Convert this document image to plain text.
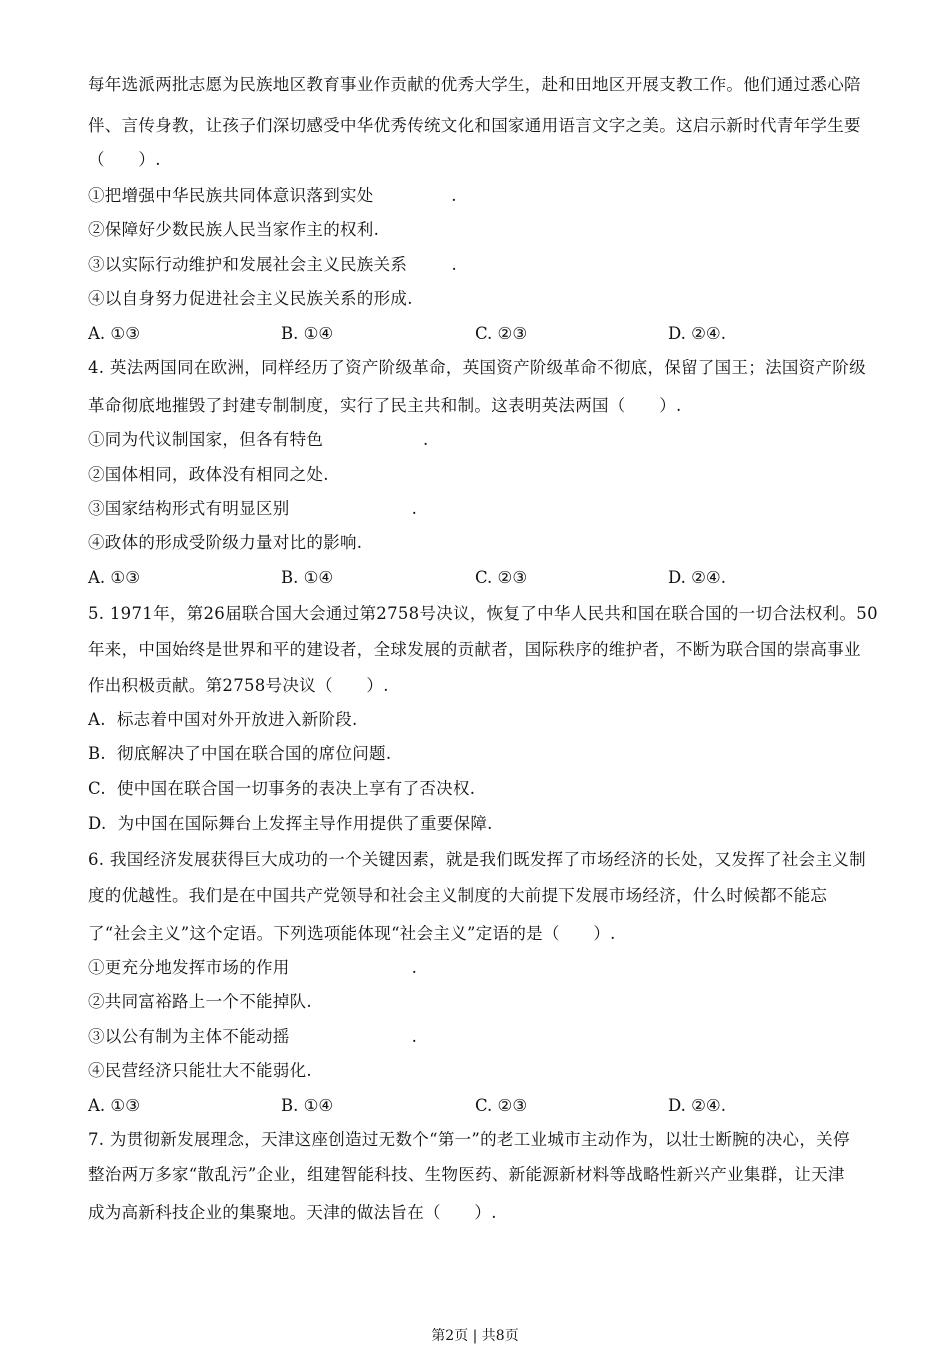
每年选派两批志愿为民族地区教育事业作贡献的优秀大学生，赴和田地区开展支教工作。他们通过悉心陪
伴、言传身教，让孩子们深切感受中华优秀传统文化和国家通用语言文字之美。这启示新时代青年学生要
（　　）.
①把增强中华民族共同体意识落到实处              .
②保障好少数民族人民当家作主的权利.
③以实际行动维护和发展社会主义民族关系        .
④以自身努力促进社会主义民族关系的形成.
A. ①③	B. ①④	C. ②③	D. ②④.
4. 英法两国同在欧洲，同样经历了资产阶级革命，英国资产阶级革命不彻底，保留了国王；法国资产阶级
革命彻底地摧毁了封建专制制度，实行了民主共和制。这表明英法两国（　　）.
①同为代议制国家，但各有特色                  .
②国体相同，政体没有相同之处.
③国家结构形式有明显区别                      .
④政体的形成受阶级力量对比的影响.
A. ①③	B. ①④	C. ②③	D. ②④.
5. 1971年，第26届联合国大会通过第2758号决议，恢复了中华人民共和国在联合国的一切合法权利。50
年来，中国始终是世界和平的建设者，全球发展的贡献者，国际秩序的维护者，不断为联合国的崇高事业
作出积极贡献。第2758号决议（　　）.
A.  标志着中国对外开放进入新阶段.
B.  彻底解决了中国在联合国的席位问题.
C.  使中国在联合国一切事务的表决上享有了否决权.
D.  为中国在国际舞台上发挥主导作用提供了重要保障.
6. 我国经济发展获得巨大成功的一个关键因素，就是我们既发挥了市场经济的长处，又发挥了社会主义制
度的优越性。我们是在中国共产党领导和社会主义制度的大前提下发展市场经济，什么时候都不能忘
了“社会主义”这个定语。下列选项能体现“社会主义”定语的是（　　）.
①更充分地发挥市场的作用                      .
②共同富裕路上一个不能掉队.
③以公有制为主体不能动摇                      .
④民营经济只能壮大不能弱化.
A. ①③	B. ①④	C. ②③	D. ②④.
7. 为贯彻新发展理念，天津这座创造过无数个“第一”的老工业城市主动作为，以壮士断腕的决心，关停
整治两万多家“散乱污”企业，组建智能科技、生物医药、新能源新材料等战略性新兴产业集群，让天津
成为高新科技企业的集聚地。天津的做法旨在（　　）.
第2页 | 共8页
